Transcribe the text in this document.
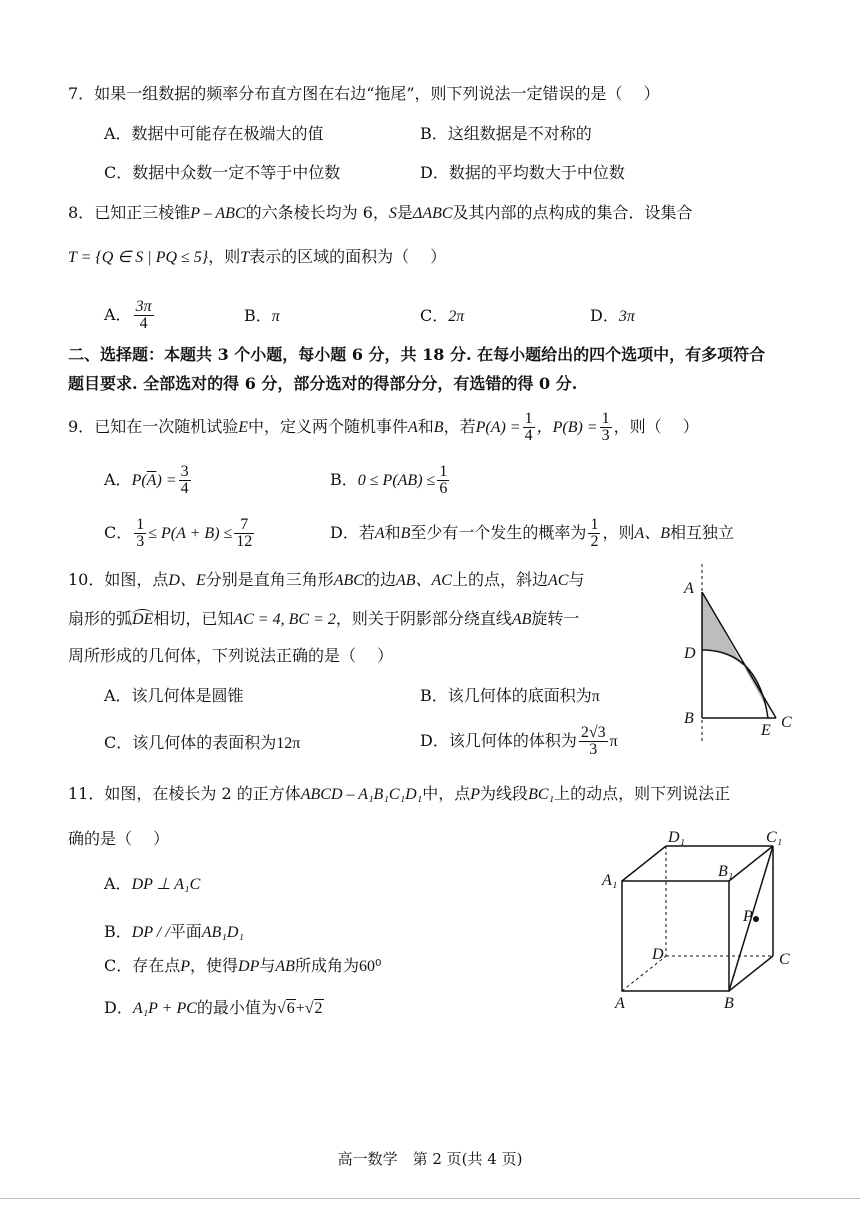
7．如果一组数据的频率分布直方图在右边“拖尾”，则下列说法一定错误的是（　 ）
A．数据中可能存在极端大的值	B．这组数据是不对称的
C．数据中众数一定不等于中位数	D．数据的平均数大于中位数
8．已知正三棱锥P – ABC的六条棱长均为 6，S是ΔABC及其内部的点构成的集合．设集合
T = {Q ∈ S | PQ ≤ 5}，则T表示的区域的面积为（　 ）
A． $\frac{3\pi}{4}$	B．π	C．2π	D．3π
二、选择题：本题共 3 个小题，每小题 6 分，共 18 分. 在每小题给出的四个选项中，有多项符合
题目要求. 全部选对的得 6 分，部分选对的得部分分，有选错的得 0 分.
9．已知在一次随机试验E中，定义两个随机事件A和B，若$P(A) = \frac{1}{4}$ ，$P(B) = \frac{1}{3}$ ，则（　 ）
A．$P(\overline{A}) = \frac{3}{4}$	B．$0 \le P(AB) \le \frac{1}{6}$
C． $\frac{1}{3} \le P(A + B) \le \frac{7}{12}$	D．若A和B至少有一个发生的概率为 $\frac{1}{2}$ ，则A、B相互独立
10．如图，点D、E分别是直角三角形ABC的边AB、AC上的点，斜边AC与
扇形的弧DE相切，已知AC = 4, BC = 2，则关于阴影部分绕直线AB旋转一
周所形成的几何体，下列说法正确的是（　 ）
A．该几何体是圆锥	B．该几何体的底面积为π
C．该几何体的表面积为12π	D．该几何体的体积为 $\frac{2√3}{3}$ π
A
D
B
E C
11．如图，在棱长为 2 的正方体ABCD – A₁B₁C₁D₁中，点P为线段BC₁上的动点，则下列说法正
确的是（　 ）
A．DP ⊥ A₁C
B．DP / /平面AB₁D₁
C．存在点P，使得DP与AB所成角为60⁰
D．A₁P + PC的最小值为√6+√2
D₁	C₁
B₁
A₁
P
D	C
A	B
高一数学　第 2 页(共 4 页)
